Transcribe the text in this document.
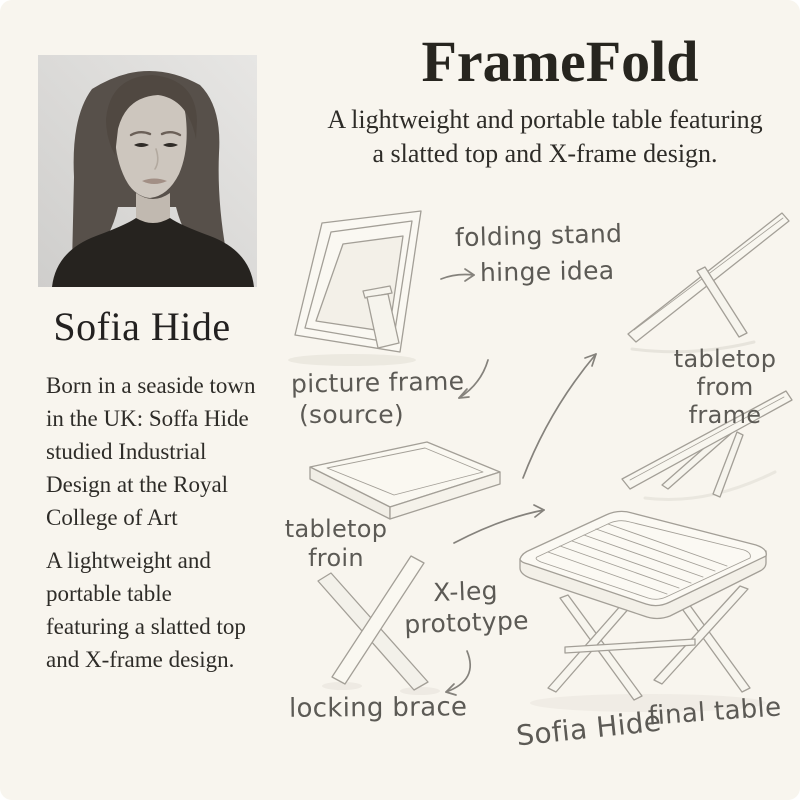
Sofia Hide
Born in a seaside town
in the UK: Soffa Hide
studied Industrial
Design at the Royal
College of Art
A lightweight and
portable table
featuring a slatted top
and X-frame design.
FrameFold
A lightweight and portable table featuring
a slatted top and X-frame design.
folding stand
hinge idea
picture frame
(source)
tabletop
from
frame
tabletop
froin
X-leg
prototype
locking brace Sofia Hide
final table
